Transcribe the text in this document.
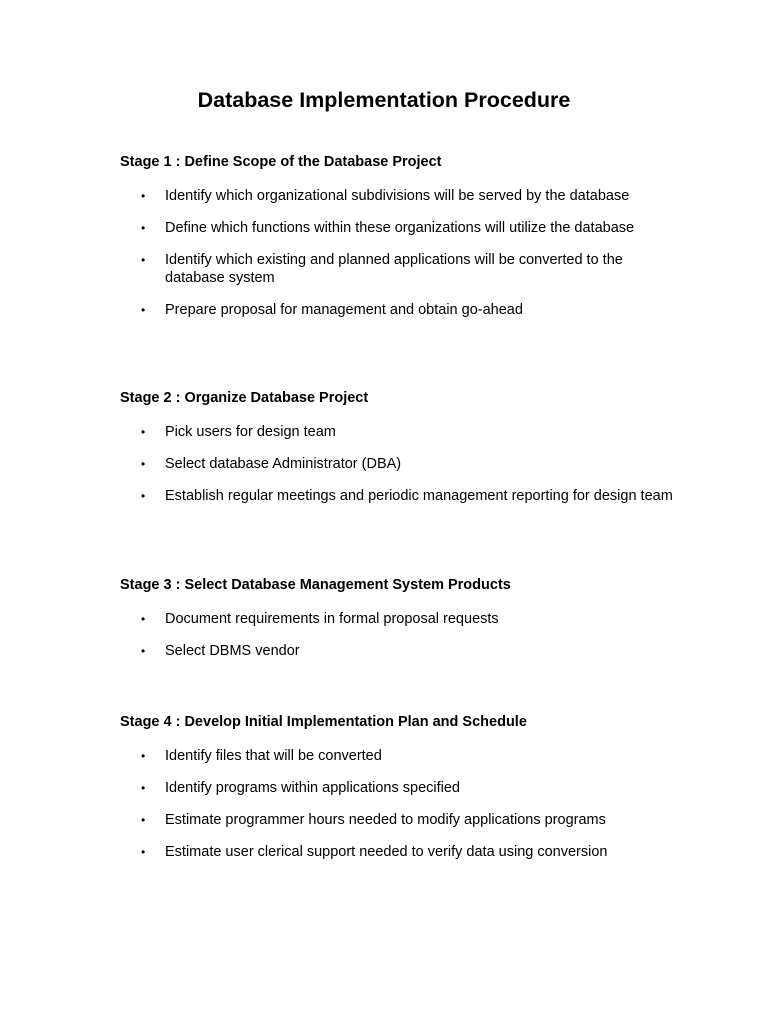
Database Implementation Procedure
Stage 1 : Define Scope of the Database Project
• Identify which organizational subdivisions will be served by the database
• Define which functions within these organizations will utilize the database
• Identify which existing and planned applications will be converted to the database system
• Prepare proposal for management and obtain go-ahead
Stage 2 : Organize Database Project
• Pick users for design team
• Select database Administrator (DBA)
• Establish regular meetings and periodic management reporting for design team
Stage 3 : Select Database Management System Products
• Document requirements in formal proposal requests
• Select DBMS vendor
Stage 4 : Develop Initial Implementation Plan and Schedule
• Identify files that will be converted
• Identify programs within applications specified
• Estimate programmer hours needed to modify applications programs
• Estimate user clerical support needed to verify data using conversion
